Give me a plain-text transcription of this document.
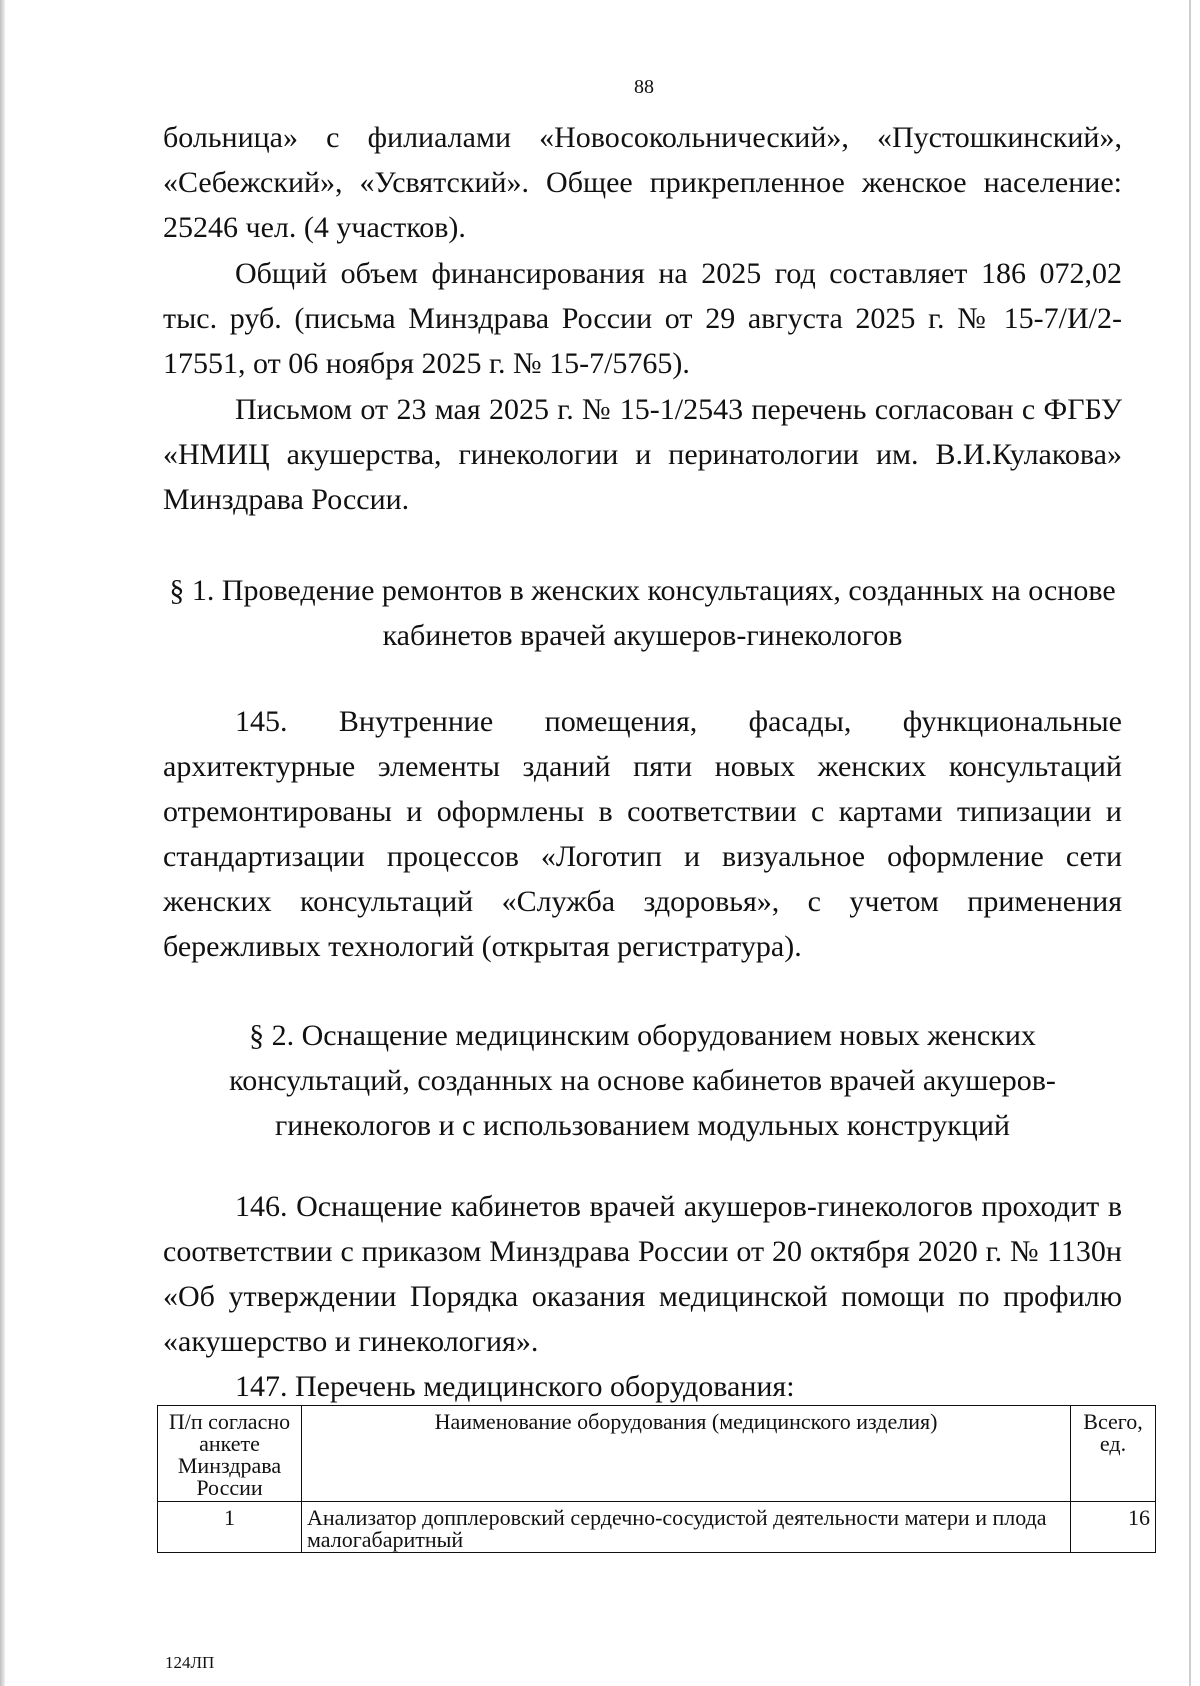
88

больница» с филиалами «Новосокольнический», «Пустошкинский», «Себежский», «Усвятский». Общее прикрепленное женское население: 25246 чел. (4 участков).

Общий объем финансирования на 2025 год составляет 186 072,02 тыс. руб. (письма Минздрава России от 29 августа 2025 г. № 15-7/И/2-17551, от 06 ноября 2025 г. № 15-7/5765).

Письмом от 23 мая 2025 г. № 15-1/2543 перечень согласован с ФГБУ «НМИЦ акушерства, гинекологии и перинатологии им. В.И.Кулакова» Минздрава России.

§ 1. Проведение ремонтов в женских консультациях, созданных на основе
кабинетов врачей акушеров-гинекологов

145. Внутренние помещения, фасады, функциональные архитектурные элементы зданий пяти новых женских консультаций отремонтированы и оформлены в соответствии с картами типизации и стандартизации процессов «Логотип и визуальное оформление сети женских консультаций «Служба здоровья», с учетом применения бережливых технологий (открытая регистратура).

§ 2. Оснащение медицинским оборудованием новых женских
консультаций, созданных на основе кабинетов врачей акушеров-
гинекологов и с использованием модульных конструкций

146. Оснащение кабинетов врачей акушеров-гинекологов проходит в соответствии с приказом Минздрава России от 20 октября 2020 г. № 1130н «Об утверждении Порядка оказания медицинской помощи по профилю «акушерство и гинекология».

147. Перечень медицинского оборудования:

П/п согласно анкете Минздрава России	Наименование оборудования (медицинского изделия)	Всего, ед.
1	Анализатор допплеровский сердечно-сосудистой деятельности матери и плода малогабаритный	16
124ЛП
